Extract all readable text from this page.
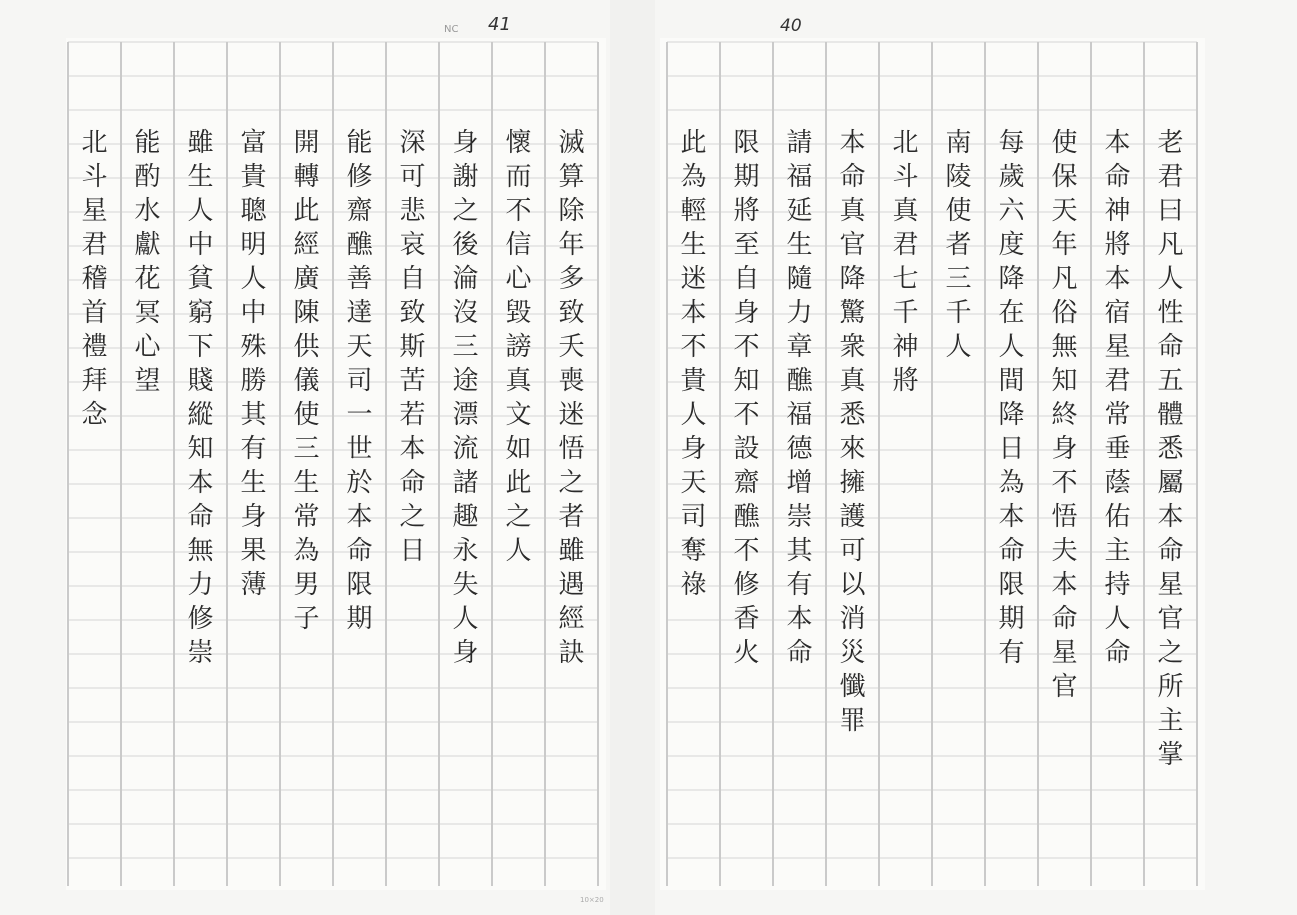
滅
算
除
年
多
致
夭
喪
迷
悟
之
者
雖
遇
經
訣
懷
而
不
信
心
毀
謗
真
文
如
此
之
人
身
謝
之
後
淪
沒
三
途
漂
流
諸
趣
永
失
人
身
深
可
悲
哀
自
致
斯
苦
若
本
命
之
日
能
修
齋
醮
善
達
天
司
一
世
於
本
命
限
期
開
轉
此
經
廣
陳
供
儀
使
三
生
常
為
男
子
富
貴
聰
明
人
中
殊
勝
其
有
生
身
果
薄
雖
生
人
中
貧
窮
下
賤
縱
知
本
命
無
力
修
崇
能
酌
水
獻
花
冥
心
望
北
斗
星
君
稽
首
禮
拜
念
老
君
曰
凡
人
性
命
五
體
悉
屬
本
命
星
官
之
所
主
掌
本
命
神
將
本
宿
星
君
常
垂
蔭
佑
主
持
人
命
使
保
天
年
凡
俗
無
知
終
身
不
悟
夫
本
命
星
官
每
歲
六
度
降
在
人
間
降
日
為
本
命
限
期
有
南
陵
使
者
三
千
人
北
斗
真
君
七
千
神
將
本
命
真
官
降
驚
衆
真
悉
來
擁
護
可
以
消
災
懺
罪
請
福
延
生
隨
力
章
醮
福
德
增
崇
其
有
本
命
限
期
將
至
自
身
不
知
不
設
齋
醮
不
修
香
火
此
為
輕
生
迷
本
不
貴
人
身
天
司
奪
祿
NC 41	40
10×20
